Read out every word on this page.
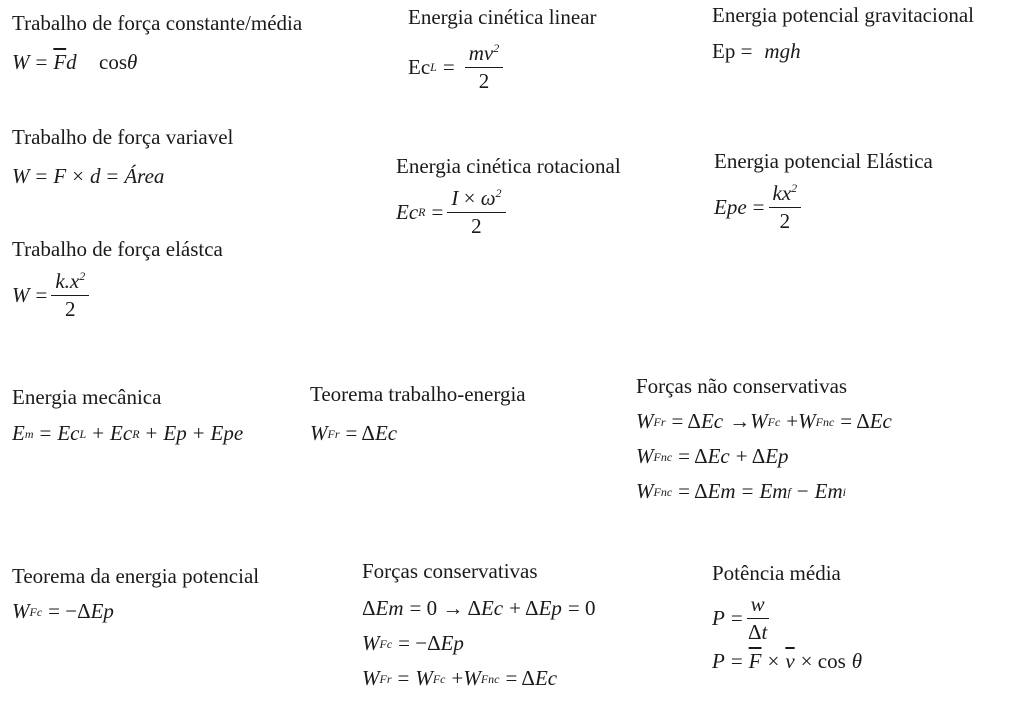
Trabalho de força constante/média
$W = \overline{F}$ d⃗ cos θ
Energia cinética linear
Ec $L = \frac{mv^2}{2}$
Energia potencial gravitacional
Ep = mgh
Trabalho de força variavel
W = F × d = Área	Energia cinética rotacional
Ec $R = \frac{I \times \omega^2}{2}$
Energia potencial Elástica
Epe = $\frac{kx^2}{2}$
Trabalho de força elástca
$W = \frac{k.x^2}{2}$
Energia mecânica
E m = Ec L + Ec R + Ep + Epe
Teorema trabalho-energia
W Fr = Δ Ec
Forças não conservativas
W Fr = Δ Ec → W Fc + W Fnc = Δ Ec
W Fnc = Δ Ec + Δ Ep
W Fnc = Δ Em = Em f − Em i
Teorema da energia potencial
W Fc = −Δ Ep
Forças conservativas
Δ Em = 0 → Δ Ec + Δ Ep = 0
W Fc = −Δ Ep
W Fr = W Fc + W Fnc = Δ Ec
Potência média
$P = \frac{w}{\Delta t}$
$P = \overline{F} \times \overline{v} \times \cos \theta$
